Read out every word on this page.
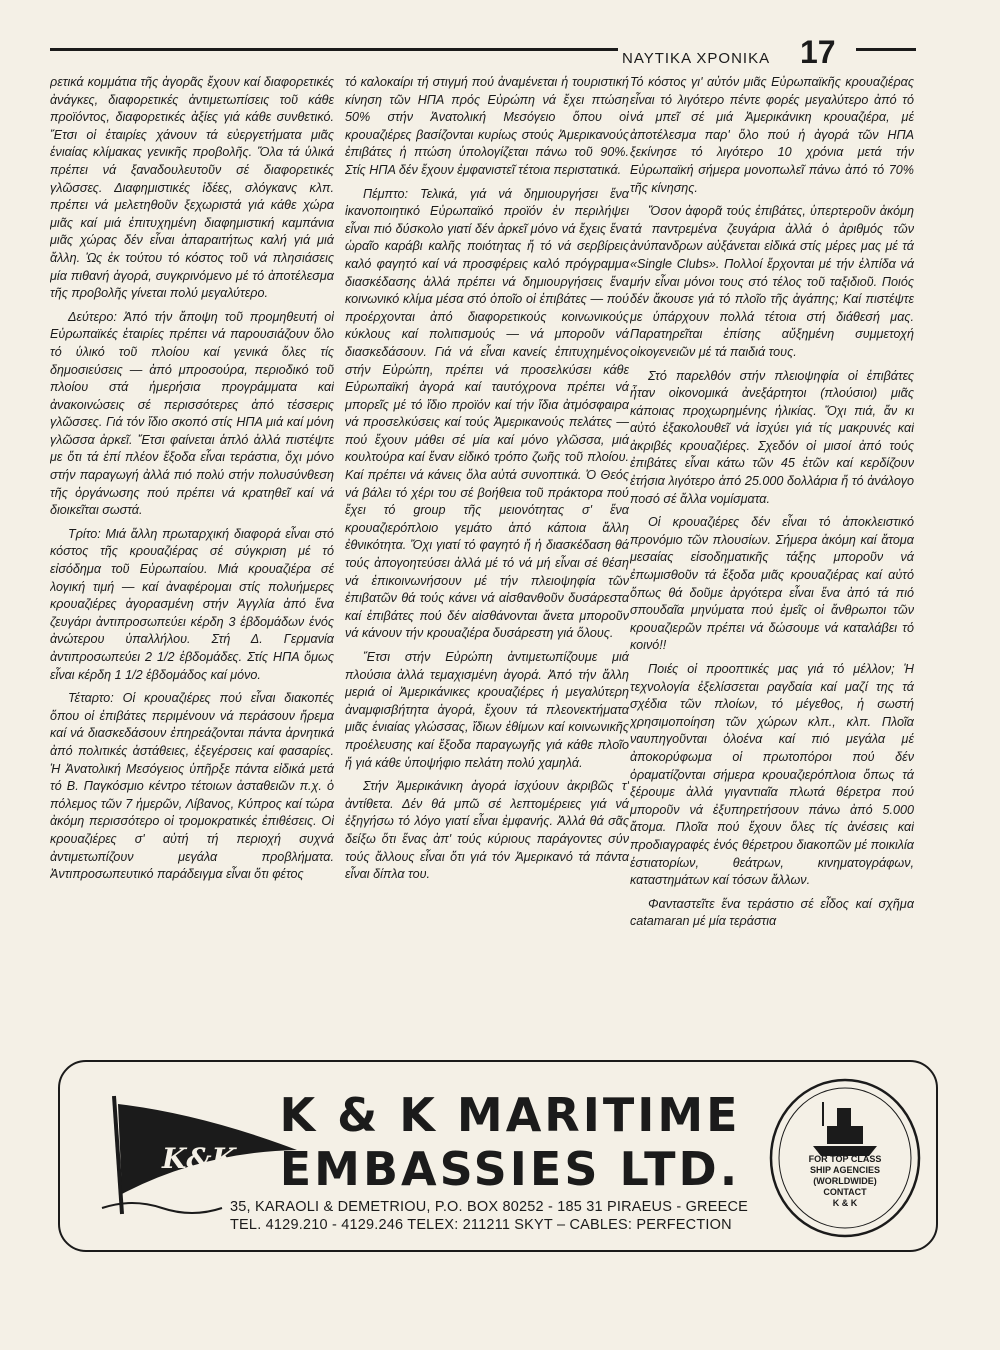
ΝΑΥΤΙΚΑ ΧΡΟΝΙΚΑ 17

ρετικά κομμάτια τῆς ἀγορᾶς ἔχουν καί διαφορετικές ἀνάγκες, διαφορετικές ἀντιμετωπίσεις τοῦ κάθε προϊόντος, διαφορετικές ἀξίες γιά κάθε συνθετικό. Ἔτσι οἱ ἑταιρίες χάνουν τά εὐεργετήματα μιᾶς ἑνιαίας κλίμακας γενικῆς προβολῆς. Ὅλα τά ὑλικά πρέπει νά ξαναδουλευτοῦν σέ διαφορετικές γλῶσσες. Διαφημιστικές ἰδέες, σλόγκανς κλπ. πρέπει νά μελετηθοῦν ξεχωριστά γιά κάθε χώρα μιᾶς καί μιά ἐπιτυχημένη διαφημιστική καμπάνια μιᾶς χώρας δέν εἶναι ἀπαραιτήτως καλή γιά μιά ἄλλη. Ὡς ἐκ τούτου τό κόστος τοῦ νά πλησιάσεις μία πιθανή ἀγορά, συγκρινόμενο μέ τό ἀποτέλεσμα τῆς προβολῆς γίνεται πολύ μεγαλύτερο.

Δεύτερο: Ἀπό τήν ἄποψη τοῦ προμηθευτή οἱ Εὐρωπαϊκές ἑταιρίες πρέπει νά παρουσιάζουν ὅλο τό ὑλικό τοῦ πλοίου καί γενικά ὅλες τίς δημοσιεύσεις — ἀπό μπροσούρα, περιοδικό τοῦ πλοίου στά ἡμερήσια προγράμματα καί ἀνακοινώσεις σέ περισσότερες ἀπό τέσσερις γλῶσσες. Γιά τόν ἴδιο σκοπό στίς ΗΠΑ μιά καί μόνη γλῶσσα ἀρκεῖ. Ἔτσι φαίνεται ἁπλό ἀλλά πιστέψτε με ὅτι τά ἐπί πλέον ἔξοδα εἶναι τεράστια, ὄχι μόνο στήν παραγωγή ἀλλά πιό πολύ στήν πολυσύνθεση τῆς ὀργάνωσης πού πρέπει νά κρατηθεῖ καί νά διοικεῖται σωστά.

Τρίτο: Μιά ἄλλη πρωταρχική διαφορά εἶναι στό κόστος τῆς κρουαζιέρας σέ σύγκριση μέ τό εἰσόδημα τοῦ Εὐρωπαίου. Μιά κρουαζιέρα σέ λογική τιμή — καί ἀναφέρομαι στίς πολυήμερες κρουαζιέρες ἀγορασμένη στήν Ἀγγλία ἀπό ἕνα ζευγάρι ἀντιπροσωπεύει κέρδη 3 ἑβδομάδων ἑνός ἀνώτερου ὑπαλλήλου. Στή Δ. Γερμανία ἀντιπροσωπεύει 2 1/2 ἑβδομάδες. Στίς ΗΠΑ ὅμως εἶναι κέρδη 1 1/2 ἑβδομάδος καί μόνο.

Τέταρτο: Οἱ κρουαζιέρες πού εἶναι διακοπές ὅπου οἱ ἐπιβάτες περιμένουν νά περάσουν ἤρεμα καί νά διασκεδάσουν ἐπηρεάζονται πάντα ἀρνητικά ἀπό πολιτικές ἀστάθειες, ἐξεγέρσεις καί φασαρίες. Ἡ Ἀνατολική Μεσόγειος ὑπῆρξε πάντα εἰδικά μετά τό Β. Παγκόσμιο κέντρο τέτοιων ἀσταθειῶν π.χ. ὁ πόλεμος τῶν 7 ἡμερῶν, Λίβανος, Κύπρος καί τώρα ἀκόμη περισσότερο οἱ τρομοκρατικές ἐπιθέσεις. Οἱ κρουαζιέρες σ' αὐτή τή περιοχή συχνά ἀντιμετωπίζουν μεγάλα προβλήματα. Ἀντιπροσωπευτικό παράδειγμα εἶναι ὅτι φέτος

τό καλοκαίρι τή στιγμή πού ἀναμένεται ἡ τουριστική κίνηση τῶν ΗΠΑ πρός Εὐρώπη νά ἔχει πτώση 50% στήν Ἀνατολική Μεσόγειο ὅπου οἱ κρουαζιέρες βασίζονται κυρίως στούς Ἀμερικανούς ἐπιβάτες ἡ πτώση ὑπολογίζεται πάνω τοῦ 90%. Στίς ΗΠΑ δέν ἔχουν ἐμφανιστεῖ τέτοια περιστατικά.

Πέμπτο: Τελικά, γιά νά δημιουργήσει ἕνα ἱκανοποιητικό Εὐρωπαϊκό προϊόν ἐν περιλήψει εἶναι πιό δύσκολο γιατί δέν ἀρκεῖ μόνο νά ἔχεις ἕνα ὡραῖο καράβι καλῆς ποιότητας ἤ τό νά σερβίρεις καλό φαγητό καί νά προσφέρεις καλό πρόγραμμα διασκέδασης ἀλλά πρέπει νά δημιουργήσεις ἕνα κοινωνικό κλίμα μέσα στό ὁποῖο οἱ ἐπιβάτες — πού προέρχονται ἀπό διαφορετικούς κοινωνικούς κύκλους καί πολιτισμούς — νά μποροῦν νά διασκεδάσουν. Γιά νά εἶναι κανείς ἐπιτυχημένος στήν Εὐρώπη, πρέπει νά προσελκύσει κάθε Εὐρωπαϊκή ἀγορά καί ταυτόχρονα πρέπει νά μπορεῖς μέ τό ἴδιο προϊόν καί τήν ἴδια ἀτμόσφαιρα νά προσελκύσεις καί τούς Ἀμερικανούς πελάτες — πού ἔχουν μάθει σέ μία καί μόνο γλῶσσα, μιά κουλτούρα καί ἕναν εἰδικό τρόπο ζωῆς τοῦ πλοίου. Καί πρέπει νά κάνεις ὅλα αὐτά συνοπτικά. Ὁ Θεός νά βάλει τό χέρι του σέ βοήθεια τοῦ πράκτορα πού ἔχει τό group τῆς μειονότητας σ' ἕνα κρουαζιερόπλοιο γεμάτο ἀπό κάποια ἄλλη ἐθνικότητα. Ὄχι γιατί τό φαγητό ἤ ἡ διασκέδαση θά τούς ἀπογοητεύσει ἀλλά μέ τό νά μή εἶναι σέ θέση νά ἐπικοινωνήσουν μέ τήν πλειοψηφία τῶν ἐπιβατῶν θά τούς κάνει νά αἰσθανθοῦν δυσάρεστα καί ἐπιβάτες πού δέν αἰσθάνονται ἄνετα μποροῦν νά κάνουν τήν κρουαζιέρα δυσάρεστη γιά ὅλους.

Ἔτσι στήν Εὐρώπη ἀντιμετωπίζουμε μιά πλούσια ἀλλά τεμαχισμένη ἀγορά. Ἀπό τήν ἄλλη μεριά οἱ Ἀμερικάνικες κρουαζιέρες ἡ μεγαλύτερη ἀναμφισβήτητα ἀγορά, ἔχουν τά πλεονεκτήματα μιᾶς ἑνιαίας γλώσσας, ἴδιων ἐθίμων καί κοινωνικῆς προέλευσης καί ἔξοδα παραγωγῆς γιά κάθε πλοῖο ἤ γιά κάθε ὑποψήφιο πελάτη πολύ χαμηλά.

Στήν Ἀμερικάνικη ἀγορά ἰσχύουν ἀκριβῶς τ' ἀντίθετα. Δέν θά μπῶ σέ λεπτομέρειες γιά νά ἐξηγήσω τό λόγο γιατί εἶναι ἐμφανής. Ἀλλά θά σᾶς δείξω ὅτι ἕνας ἀπ' τούς κύριους παράγοντες σύν τούς ἄλλους εἶναι ὅτι γιά τόν Ἀμερικανό τά πάντα εἶναι δίπλα του.

Τό κόστος γι' αὐτόν μιᾶς Εὐρωπαϊκῆς κρουαζιέρας εἶναι τό λιγότερο πέντε φορές μεγαλύτερο ἀπό τό νά μπεῖ σέ μιά Ἀμερικάνικη κρουαζιέρα, μέ ἀποτέλεσμα παρ' ὅλο πού ἡ ἀγορά τῶν ΗΠΑ ξεκίνησε τό λιγότερο 10 χρόνια μετά τήν Εὐρωπαϊκή σήμερα μονοπωλεῖ πάνω ἀπό τό 70% τῆς κίνησης.

Ὅσον ἀφορᾶ τούς ἐπιβάτες, ὑπερτεροῦν ἀκόμη τά παντρεμένα ζευγάρια ἀλλά ὁ ἀριθμός τῶν ἀνύπανδρων αὐξάνεται εἰδικά στίς μέρες μας μέ τά «Single Clubs». Πολλοί ἔρχονται μέ τήν ἐλπίδα νά μήν εἶναι μόνοι τους στό τέλος τοῦ ταξιδιοῦ. Ποιός δέν ἄκουσε γιά τό πλοῖο τῆς ἀγάπης; Καί πιστέψτε με ὑπάρχουν πολλά τέτοια στή διάθεσή μας. Παρατηρεῖται ἐπίσης αὔξημένη συμμετοχή οἰκογενειῶν μέ τά παιδιά τους.

Στό παρελθόν στήν πλειοψηφία οἱ ἐπιβάτες ἦταν οἰκονομικά ἀνεξάρτητοι (πλούσιοι) μιᾶς κάποιας προχωρημένης ἡλικίας. Ὄχι πιά, ἄν κι αὐτό ἐξακολουθεῖ νά ἰσχύει γιά τίς μακρυνές καί ἀκριβές κρουαζιέρες. Σχεδόν οἱ μισοί ἀπό τούς ἐπιβάτες εἶναι κάτω τῶν 45 ἐτῶν καί κερδίζουν ἐτήσια λιγότερο ἀπό 25.000 δολλάρια ἤ τό ἀνάλογο ποσό σέ ἄλλα νομίσματα.

Οἱ κρουαζιέρες δέν εἶναι τό ἀποκλειστικό προνόμιο τῶν πλουσίων. Σήμερα ἀκόμη καί ἄτομα μεσαίας εἰσοδηματικῆς τάξης μποροῦν νά ἐπωμισθοῦν τά ἔξοδα μιᾶς κρουαζιέρας καί αὐτό ὅπως θά δοῦμε ἀργότερα εἶναι ἕνα ἀπό τά πιό σπουδαῖα μηνύματα πού ἐμεῖς οἱ ἄνθρωποι τῶν κρουαζιερῶν πρέπει νά δώσουμε νά καταλάβει τό κοινό!!

Ποιές οἱ προοπτικές μας γιά τό μέλλον; Ἡ τεχνολογία ἐξελίσσεται ραγδαία καί μαζί της τά σχέδια τῶν πλοίων, τό μέγεθος, ἡ σωστή χρησιμοποίηση τῶν χώρων κλπ., κλπ. Πλοῖα ναυπηγοῦνται ὁλοένα καί πιό μεγάλα μέ ἀποκορύφωμα οἱ πρωτοπόροι πού δέν ὁραματίζονται σήμερα κρουαζιερόπλοια ὅπως τά ξέρουμε ἀλλά γιγαντιαῖα πλωτά θέρετρα πού μποροῦν νά ἐξυπηρετήσουν πάνω ἀπό 5.000 ἄτομα. Πλοῖα πού ἔχουν ὅλες τίς ἀνέσεις καί προδιαγραφές ἑνός θέρετρου διακοπῶν μέ ποικιλία ἑστιατορίων, θεάτρων, κινηματογράφων, καταστημάτων καί τόσων ἄλλων.

Φανταστεῖτε ἕνα τεράστιο σέ εἶδος καί σχῆμα catamaran μέ μία τεράστια

K&K
K & K MARITIME
EMBASSIES LTD.
35, KARAOLI & DEMETRIOU, P.O. BOX 80252 - 185 31 PIRAEUS - GREECE
TEL. 4129.210 - 4129.246 TELEX: 211211 SKYT – CABLES: PERFECTION
FOR TOP CLASS
SHIP AGENCIES
(WORLDWIDE)
CONTACT
K & K
